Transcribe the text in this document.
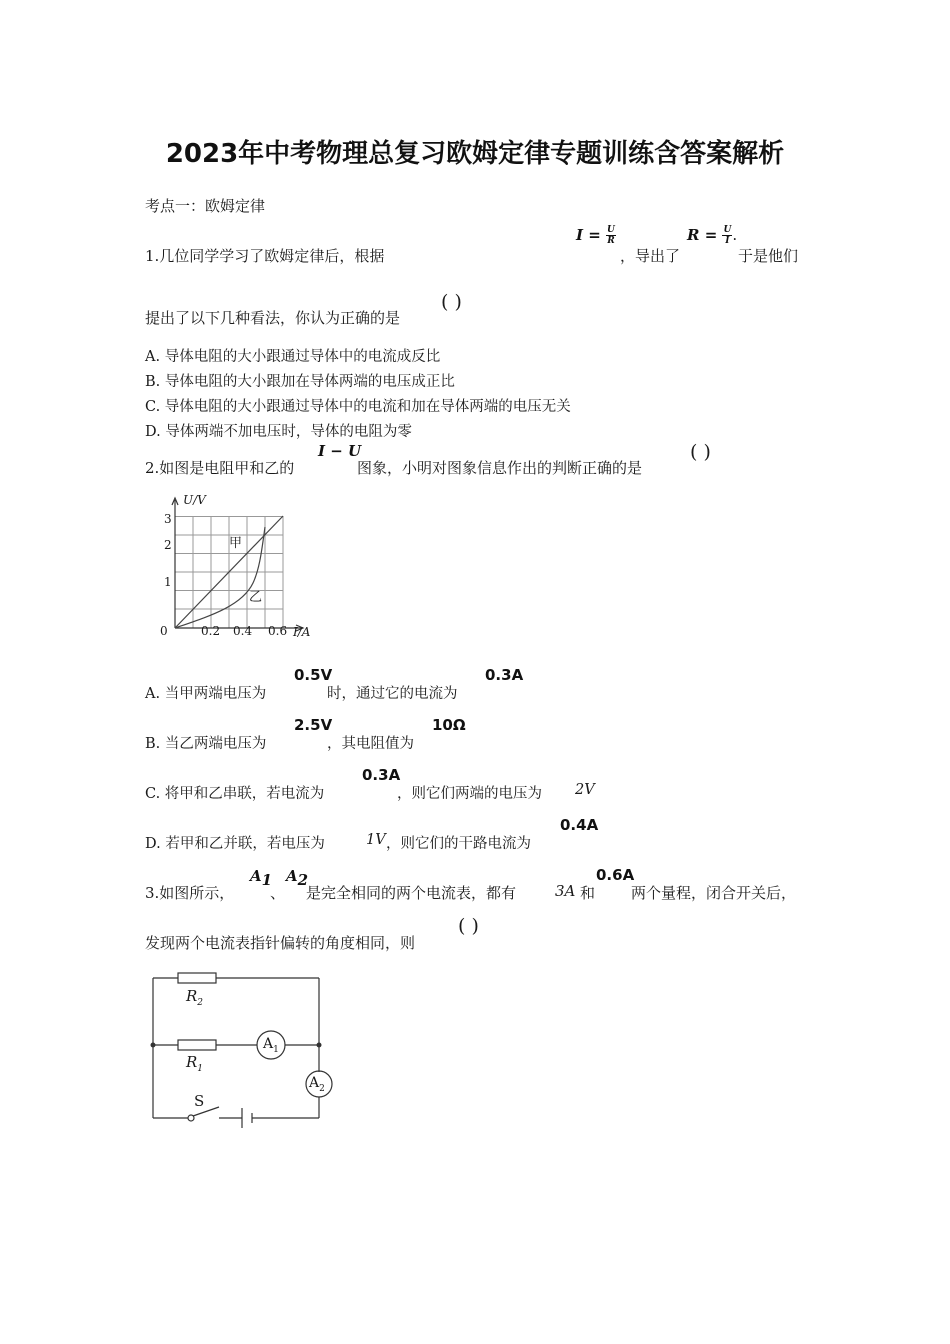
2023年中考物理总复习欧姆定律专题训练含答案解析
考点一：欧姆定律
1.几位同学学习了欧姆定律后，根据
$I = \frac{U}{R}$
，导出了
$R = \frac{U}{I}$ .
于是他们
提出了以下几种看法，你认为正确的是
( )
A. 导体电阻的大小跟通过导体中的电流成反比
B. 导体电阻的大小跟加在导体两端的电压成正比
C. 导体电阻的大小跟通过导体中的电流和加在导体两端的电压无关
D. 导体两端不加电压时，导体的电阻为零
2.如图是电阻甲和乙的
I − U
图象，小明对图象信息作出的判断正确的是
( )
U/V
I/A
0
1
2
3
0.2 0.4 0.6
甲
乙
A. 当甲两端电压为
0.5V
时，通过它的电流为
0.3A
B. 当乙两端电压为
2.5V
，其电阻值为
10Ω
C. 将甲和乙串联，若电流为
0.3A
，则它们两端的电压为 2V
D. 若甲和乙并联，若电压为	1V ，则它们的干路电流为
0.4A
3.如图所示，
$A_1$
、
$A_2$
是完全相同的两个电流表，都有	3A 和
0.6A
两个量程，闭合开关后，
发现两个电流表指针偏转的角度相同，则
( )
$R_2$
$R_1$
$A_1$
$A_2$
S
